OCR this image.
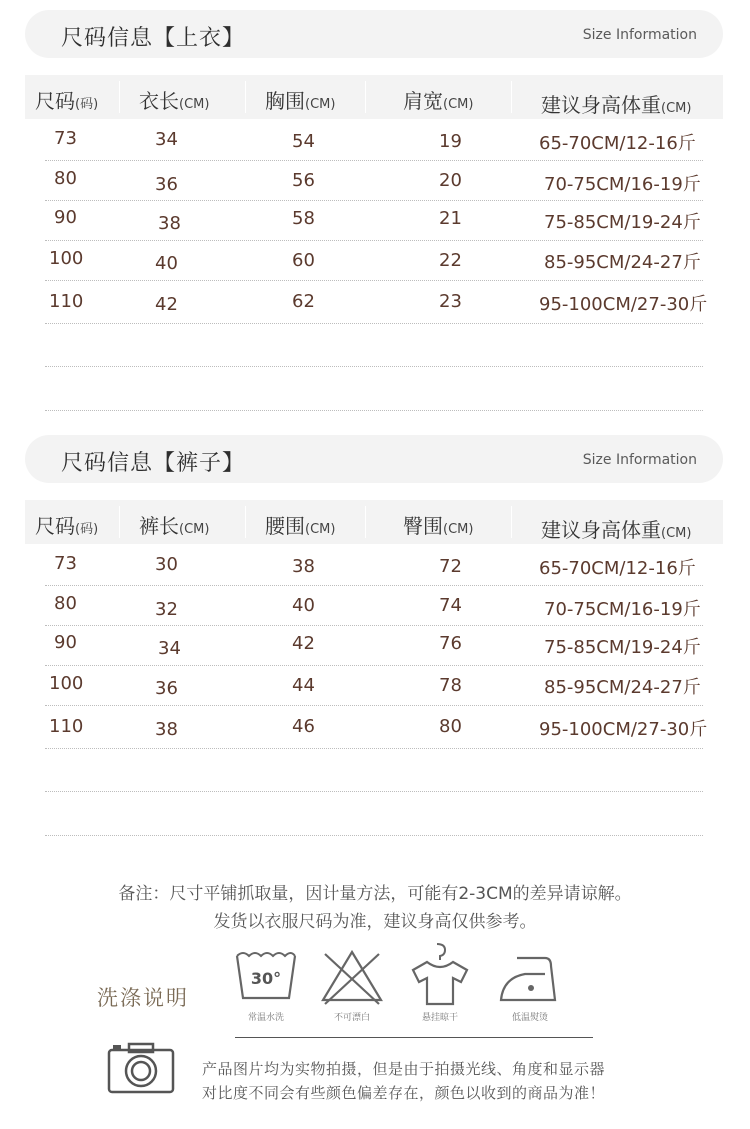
尺码信息【上衣】	Size Information
尺码(码) 衣长(CM)	胸围(CM)	肩宽(CM)	建议身高体重(CM)
73	34	54	19	65-70CM/12-16斤
80	36	56	20	70-75CM/16-19斤
90	38	58	21	75-85CM/19-24斤
100	40	60	22	85-95CM/24-27斤
110	42	62	23	95-100CM/27-30斤
尺码信息【裤子】	Size Information
尺码(码) 裤长(CM)	腰围(CM)	臀围(CM)	建议身高体重(CM)
73	30	38	72	65-70CM/12-16斤
80	32	40	74	70-75CM/16-19斤
90	34	42	76	75-85CM/19-24斤
100	36	44	78	85-95CM/24-27斤
110	38	46	80	95-100CM/27-30斤
备注：尺寸平铺抓取量，因计量方法，可能有2-3CM的差异请谅解。
发货以衣服尺码为准，建议身高仅供参考。
洗涤说明
30°
常温水洗	不可漂白	悬挂晾干	低温熨烫
产品图片均为实物拍摄，但是由于拍摄光线、角度和显示器
对比度不同会有些颜色偏差存在，颜色以收到的商品为准！
